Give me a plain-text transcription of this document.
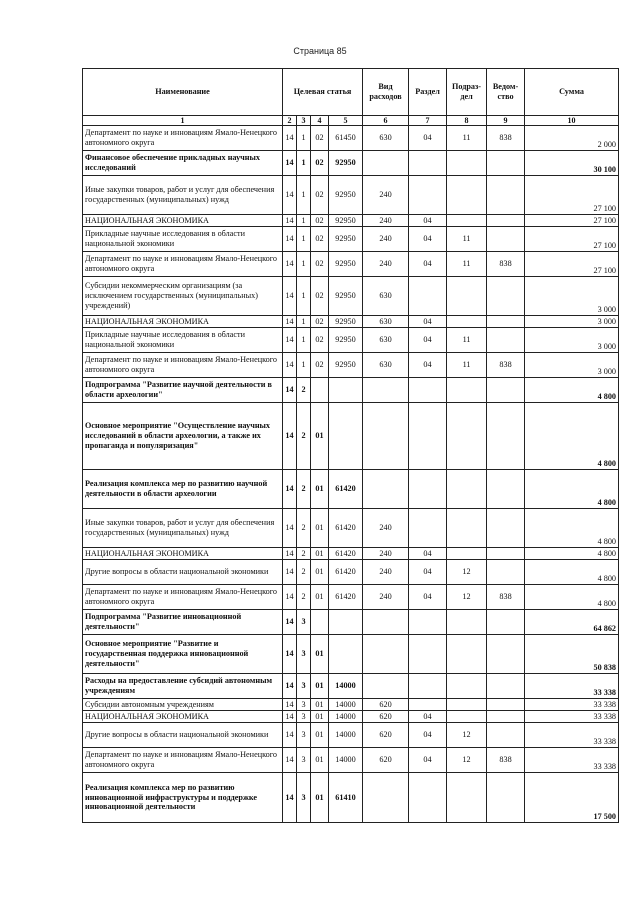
Страница 85
Наименование	Целевая статья				Вид расходов	Раздел	Подраз-дел	Ведом-ство	Сумма
1	2	3	4	5	6	7	8	9	10
Департамент по науке и инновациям Ямало-Ненецкого автономного округа	14	1	02	61450	630	04	11	838	2 000
Финансовое обеспечение прикладных научных исследований	14	1	02	92950					30 100
Иные закупки товаров, работ и услуг для обеспечения государственных (муниципальных) нужд	14	1	02	92950	240				27 100
НАЦИОНАЛЬНАЯ ЭКОНОМИКА	14	1	02	92950	240	04			27 100
Прикладные научные исследования в области национальной экономики	14	1	02	92950	240	04	11		27 100
Департамент по науке и инновациям Ямало-Ненецкого автономного округа	14	1	02	92950	240	04	11	838	27 100
Субсидии некоммерческим организациям (за исключением государственных (муниципальных) учреждений)	14	1	02	92950	630				3 000
НАЦИОНАЛЬНАЯ ЭКОНОМИКА	14	1	02	92950	630	04			3 000
Прикладные научные исследования в области национальной экономики	14	1	02	92950	630	04	11		3 000
Департамент по науке и инновациям Ямало-Ненецкого автономного округа	14	1	02	92950	630	04	11	838	3 000
Подпрограмма "Развитие научной деятельности в области археологии"	14	2							4 800
Основное мероприятие "Осуществление научных исследований в области археологии, а также их пропаганда и популяризация"	14	2	01						4 800
Реализация комплекса мер по развитию научной деятельности в области археологии	14	2	01	61420					4 800
Иные закупки товаров, работ и услуг для обеспечения государственных (муниципальных) нужд	14	2	01	61420	240				4 800
НАЦИОНАЛЬНАЯ ЭКОНОМИКА	14	2	01	61420	240	04			4 800
Другие вопросы в области национальной экономики	14	2	01	61420	240	04	12		4 800
Департамент по науке и инновациям Ямало-Ненецкого автономного округа	14	2	01	61420	240	04	12	838	4 800
Подпрограмма "Развитие инновационной деятельности"	14	3							64 862
Основное мероприятие "Развитие и государственная поддержка инновационной деятельности"	14	3	01						50 838
Расходы на предоставление субсидий автономным учреждениям	14	3	01	14000					33 338
Субсидии автономным учреждениям	14	3	01	14000	620				33 338
НАЦИОНАЛЬНАЯ ЭКОНОМИКА	14	3	01	14000	620	04			33 338
Другие вопросы в области национальной экономики	14	3	01	14000	620	04	12		33 338
Департамент по науке и инновациям Ямало-Ненецкого автономного округа	14	3	01	14000	620	04	12	838	33 338
Реализация комплекса мер по развитию инновационной инфраструктуры и поддержке инновационной деятельности	14	3	01	61410					17 500
